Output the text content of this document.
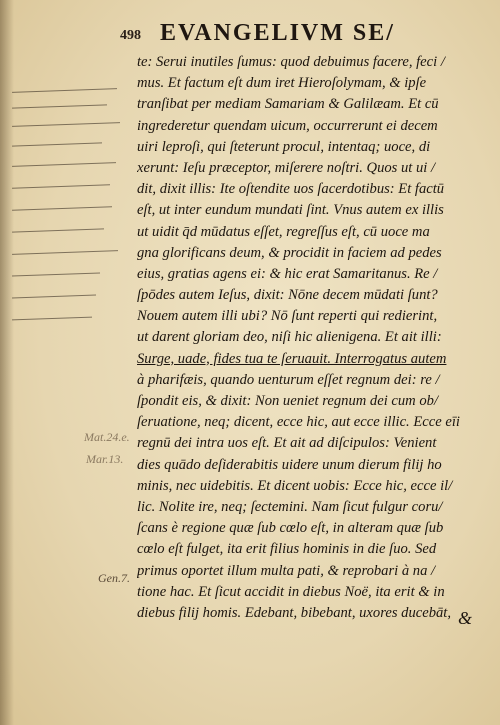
498 EVANGELIVM SE/
te: Serui inutiles ſumus: quod debuimus facere, feci /
mus. Et factum eſt dum iret Hieroſolymam, & ipſe
tranſibat per mediam Samariam & Galilæam. Et cū
ingrederetur quendam uicum, occurrerunt ei decem
uiri leproſi, qui ſteterunt procul, intentaq; uoce, di
xerunt: Ieſu præceptor, miſerere noſtri. Quos ut ui /
dit, dixit illis: Ite oſtendite uos ſacerdotibus: Et factū
eſt, ut inter eundum mundati ſint. Vnus autem ex illis
ut uidit q̄d mūdatus eſſet, regreſſus eſt, cū uoce ma
gna glorificans deum, & procidit in faciem ad pedes
eius, gratias agens ei: & hic erat Samaritanus. Re /
ſpōdes autem Ieſus, dixit: Nōne decem mūdati ſunt?
Nouem autem illi ubi? Nō ſunt reperti qui redierint,
ut darent gloriam deo, niſi hic alienigena. Et ait illi:
Surge, uade, fides tua te ſeruauit. Interrogatus autem
à pharifæis, quando uenturum eſſet regnum dei: re /
ſpondit eis, & dixit: Non ueniet regnum dei cum ob/
ſeruatione, neq; dicent, ecce hic, aut ecce illic. Ecce eīi
regnū dei intra uos eſt. Et ait ad diſcipulos: Venient
dies quādo deſiderabitis uidere unum dierum filij ho
minis, nec uidebitis. Et dicent uobis: Ecce hic, ecce il/
lic. Nolite ire, neq; ſectemini. Nam ſicut fulgur coru/
ſcans è regione quæ ſub cœlo eſt, in alteram quæ ſub
cœlo eſt fulget, ita erit filius hominis in die ſuo. Sed
primus oportet illum multa pati, & reprobari à na /
tione hac. Et ſicut accidit in diebus Noë, ita erit & in
diebus filij homis. Edebant, bibebant, uxores ducebāt,
Mat.24.e.
Mar.13.
Gen.7.
&
